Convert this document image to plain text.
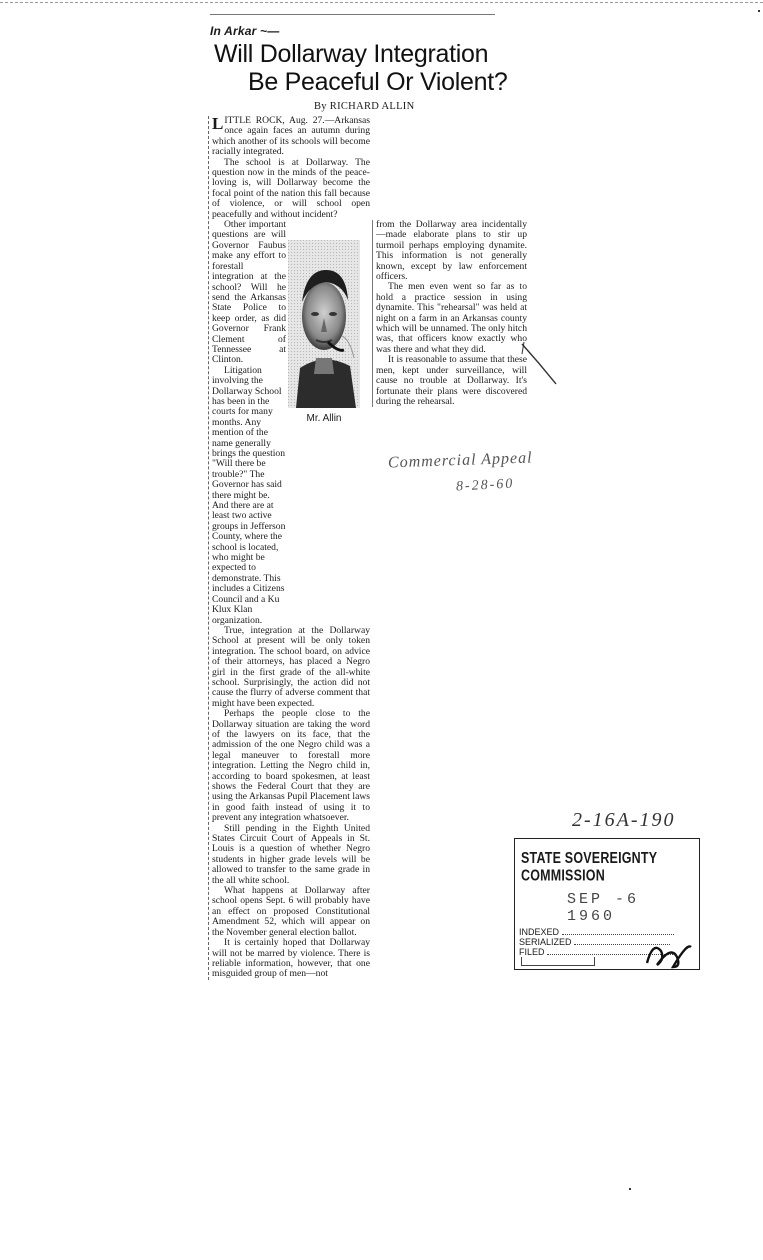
In Arkar ~—
Will Dollarway Integration
Be Peaceful Or Violent?
By RICHARD ALLIN

LITTLE ROCK, Aug. 27.—Arkansas once again faces an autumn during which another of its schools will become racially integrated.

The school is at Dollarway. The question now in the minds of the peace-loving is, will Dollarway become the focal point of the nation this fall because of violence, or will school open peacefully and without incident?

Other important questions are will Governor Faubus make any effort to forestall integration at the school? Will he send the Arkansas State Police to keep order, as did Governor Frank Clement of Tennessee at Clinton.

Litigation involving the Dollarway School has been in the courts for many months. Any mention of the name generally brings the question "Will there be trouble?" The Governor has said there might be. And there are at least two active groups in Jefferson County, where the school is located, who might be expected to demonstrate. This includes a Citizens Council and a Ku Klux Klan organization.

True, integration at the Dollarway School at present will be only token integration. The school board, on advice of their attorneys, has placed a Negro girl in the first grade of the all-white school. Surprisingly, the action did not cause the flurry of adverse comment that might have been expected.

Perhaps the people close to the Dollarway situation are taking the word of the lawyers on its face, that the admission of the one Negro child was a legal maneuver to forestall more integration. Letting the Negro child in, according to board spokesmen, at least shows the Federal Court that they are using the Arkansas Pupil Placement laws in good faith instead of using it to prevent any integration whatsoever.

Still pending in the Eighth United States Circuit Court of Appeals in St. Louis is a question of whether Negro students in higher grade levels will be allowed to transfer to the same grade in the all white school.

What happens at Dollarway after school opens Sept. 6 will probably have an effect on proposed Constitutional Amendment 52, which will appear on the November general election ballot.

It is certainly hoped that Dollarway will not be marred by violence. There is reliable information, however, that one misguided group of men—not

from the Dollarway area incidentally—made elaborate plans to stir up turmoil perhaps employing dynamite. This information is not generally known, except by law enforcement officers.

The men even went so far as to hold a practice session in using dynamite. This "rehearsal" was held at night on a farm in an Arkansas county which will be unnamed. The only hitch was, that officers know exactly who was there and what they did.

It is reasonable to assume that these men, kept under surveillance, will cause no trouble at Dollarway. It's fortunate their plans were discovered during the rehearsal.

Mr. Allin
Commercial Appeal
8-28-60
2-16A-190
STATE SOVEREIGNTY COMMISSION
SEP -6 1960
INDEXED
SERIALIZED
FILED
